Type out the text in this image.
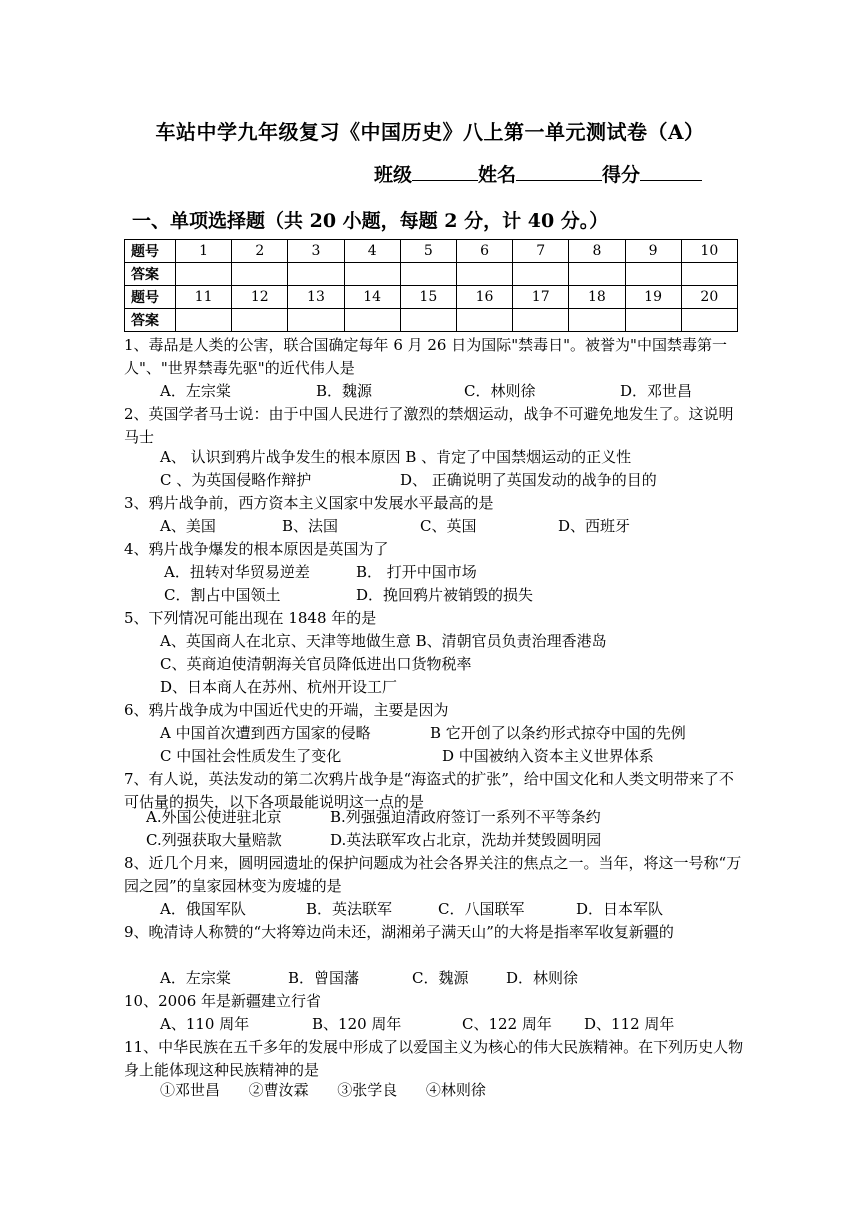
车站中学九年级复习《中国历史》八上第一单元测试卷（A）
班级	姓名	得分
一、单项选择题（共 20 小题，每题 2 分，计 40 分。）
题号	1	2	3	4	5	6	7	8	9	10
答案										
题号	11	12	13	14	15	16	17	18	19	20
答案										
1、毒品是人类的公害，联合国确定每年 6 月 26 日为国际"禁毒日"。被誉为"中国禁毒第一人"、"世界禁毒先驱"的近代伟人是
A．左宗棠	B．魏源	C．林则徐	D．邓世昌
2、英国学者马士说：由于中国人民进行了激烈的禁烟运动，战争不可避免地发生了。这说明马士
A、 认识到鸦片战争发生的根本原因 B 、肯定了中国禁烟运动的正义性
C 、为英国侵略作辩护	D、 正确说明了英国发动的战争的目的
3、鸦片战争前，西方资本主义国家中发展水平最高的是
A、美国	B、法国	C、英国	D、西班牙
4、鸦片战争爆发的根本原因是英国为了
A．扭转对华贸易逆差	B． 打开中国市场
C．割占中国领土	D．挽回鸦片被销毁的损失
5、下列情况可能出现在 1848 年的是
A、英国商人在北京、天津等地做生意 B、清朝官员负责治理香港岛
C、英商迫使清朝海关官员降低进出口货物税率
D、日本商人在苏州、杭州开设工厂
6、鸦片战争成为中国近代史的开端，主要是因为
A 中国首次遭到西方国家的侵略	B 它开创了以条约形式掠夺中国的先例
C 中国社会性质发生了变化	D 中国被纳入资本主义世界体系
7、有人说，英法发动的第二次鸦片战争是“海盗式的扩张”，给中国文化和人类文明带来了不可估量的损失，以下各项最能说明这一点的是
A.外国公使进驻北京	B.列强强迫清政府签订一系列不平等条约
C.列强获取大量赔款	D.英法联军攻占北京，洗劫并焚毁圆明园
8、近几个月来，圆明园遗址的保护问题成为社会各界关注的焦点之一。当年，将这一号称“万园之园”的皇家园林变为废墟的是
A．俄国军队	B．英法联军	C．八国联军	D．日本军队
9、晚清诗人称赞的“大将筹边尚未还，湖湘弟子满天山”的大将是指率军收复新疆的
A．左宗棠	B．曾国藩	C．魏源	D．林则徐
10、2006 年是新疆建立行省
A、110 周年	B、120 周年	C、122 周年 D、112 周年
11、中华民族在五千多年的发展中形成了以爱国主义为核心的伟大民族精神。在下列历史人物身上能体现这种民族精神的是
①邓世昌      ②曹汝霖      ③张学良      ④林则徐
